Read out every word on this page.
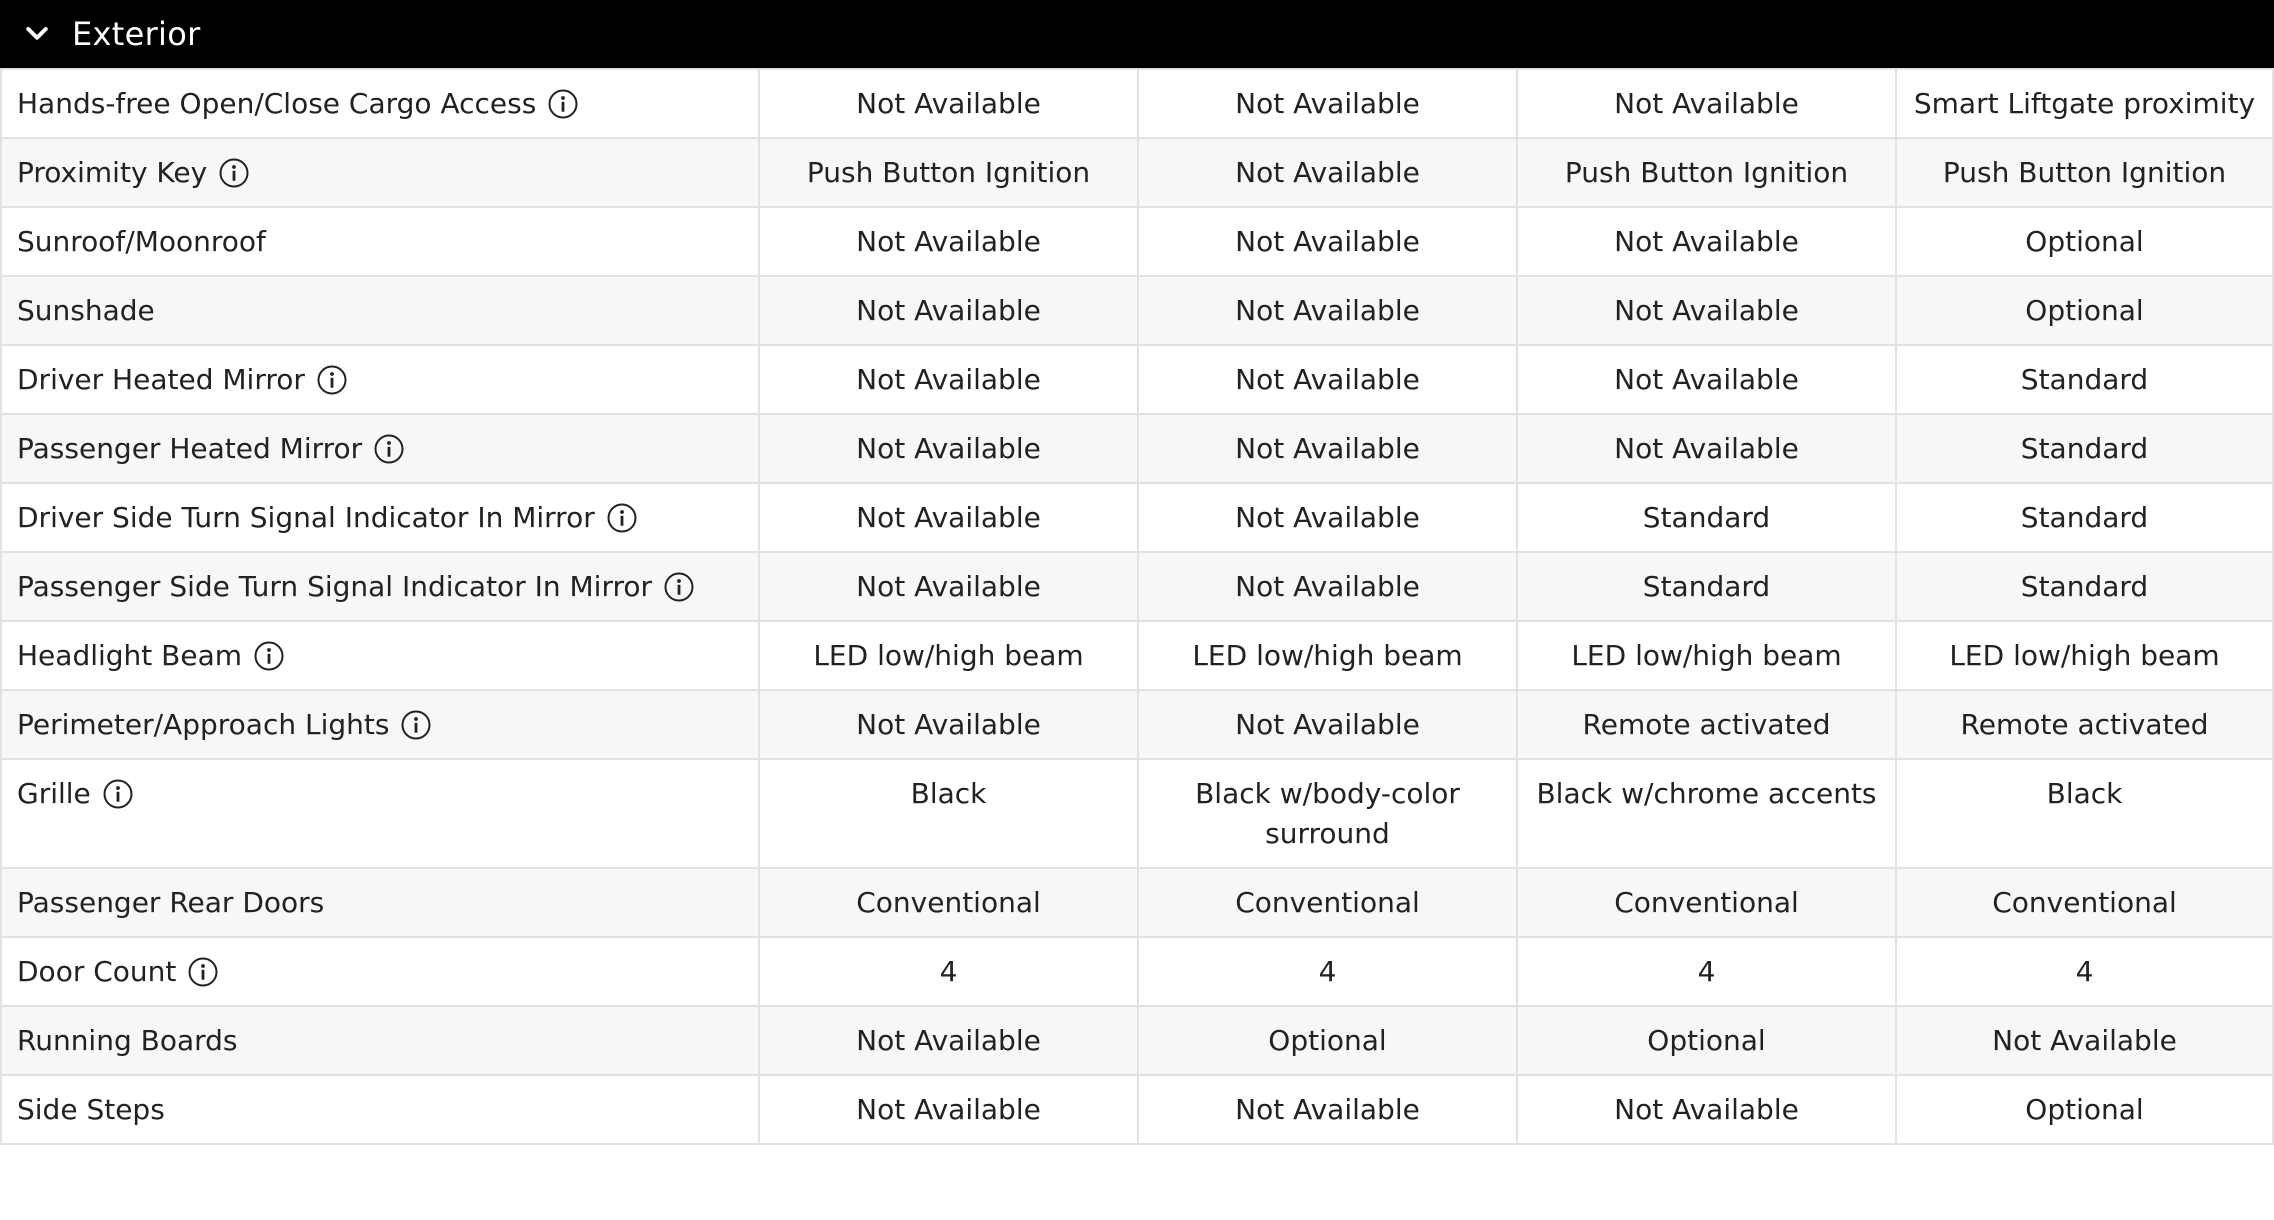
Exterior
Hands-free Open/Close Cargo Access	Not Available	Not Available	Not Available	Smart Liftgate proximity

Proximity Key	Push Button Ignition	Not Available	Push Button Ignition	Push Button Ignition

Sunroof/Moonroof	Not Available	Not Available	Not Available	Optional

Sunshade	Not Available	Not Available	Not Available	Optional

Driver Heated Mirror	Not Available	Not Available	Not Available	Standard

Passenger Heated Mirror	Not Available	Not Available	Not Available	Standard

Driver Side Turn Signal Indicator In Mirror	Not Available	Not Available	Standard	Standard

Passenger Side Turn Signal Indicator In Mirror	Not Available	Not Available	Standard	Standard

Headlight Beam	LED low/high beam	LED low/high beam	LED low/high beam	LED low/high beam

Perimeter/Approach Lights	Not Available	Not Available	Remote activated	Remote activated

Grille	Black	Black w/body-color surround	Black w/chrome accents	Black

Passenger Rear Doors	Conventional	Conventional	Conventional	Conventional

Door Count	4	4	4	4

Running Boards	Not Available	Optional	Optional	Not Available

Side Steps	Not Available	Not Available	Not Available	Optional
